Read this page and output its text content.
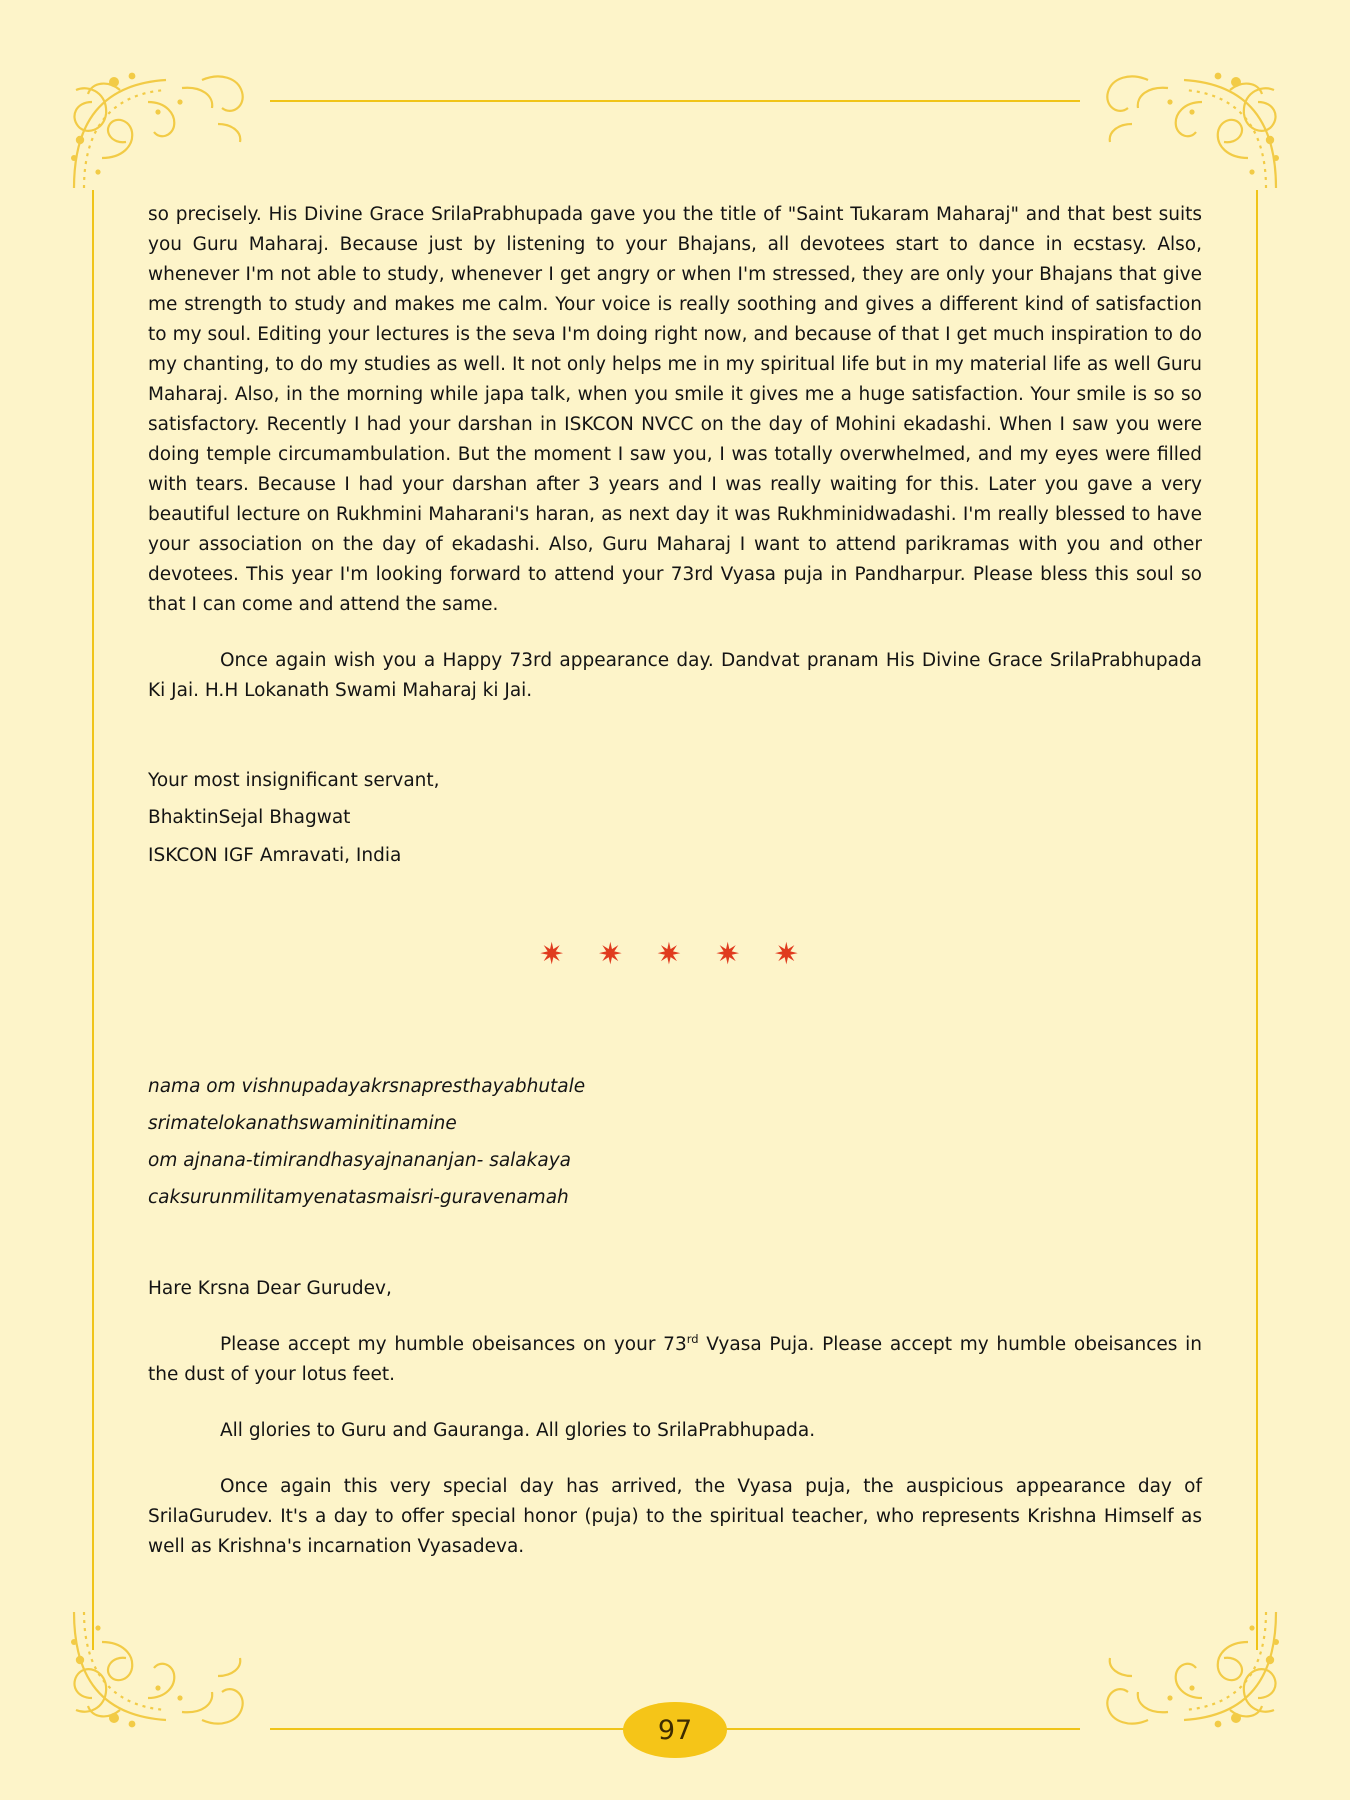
so precisely. His Divine Grace SrilaPrabhupada gave you the title of "Saint Tukaram Maharaj" and that best suits you Guru Maharaj. Because just by listening to your Bhajans, all devotees start to dance in ecstasy. Also, whenever I'm not able to study, whenever I get angry or when I'm stressed, they are only your Bhajans that give me strength to study and makes me calm. Your voice is really soothing and gives a different kind of satisfaction to my soul. Editing your lectures is the seva I'm doing right now, and because of that I get much inspiration to do my chanting, to do my studies as well. It not only helps me in my spiritual life but in my material life as well Guru Maharaj. Also, in the morning while japa talk, when you smile it gives me a huge satisfaction. Your smile is so so satisfactory. Recently I had your darshan in ISKCON NVCC on the day of Mohini ekadashi. When I saw you were doing temple circumambulation. But the moment I saw you, I was totally overwhelmed, and my eyes were filled with tears. Because I had your darshan after 3 years and I was really waiting for this. Later you gave a very beautiful lecture on Rukhmini Maharani's haran, as next day it was Rukhminidwadashi. I'm really blessed to have your association on the day of ekadashi. Also, Guru Maharaj I want to attend parikramas with you and other devotees. This year I'm looking forward to attend your 73rd Vyasa puja in Pandharpur. Please bless this soul so that I can come and attend the same.

Once again wish you a Happy 73rd appearance day. Dandvat pranam His Divine Grace SrilaPrabhupada Ki Jai. H.H Lokanath Swami Maharaj ki Jai.

Your most insignificant servant,
BhaktinSejal Bhagwat
ISKCON IGF Amravati, India
✷ ✷ ✷ ✷ ✷
nama om vishnupadayakrsnapresthayabhutale
srimatelokanathswaminitinamine
om ajnana-timirandhasyajnananjan- salakaya
caksurunmilitamyenatasmaisri-guravenamah

Hare Krsna Dear Gurudev,

Please accept my humble obeisances on your 73rd Vyasa Puja. Please accept my humble obeisances in the dust of your lotus feet.

All glories to Guru and Gauranga. All glories to SrilaPrabhupada.

Once again this very special day has arrived, the Vyasa puja, the auspicious appearance day of SrilaGurudev. It's a day to offer special honor (puja) to the spiritual teacher, who represents Krishna Himself as well as Krishna's incarnation Vyasadeva.

97
